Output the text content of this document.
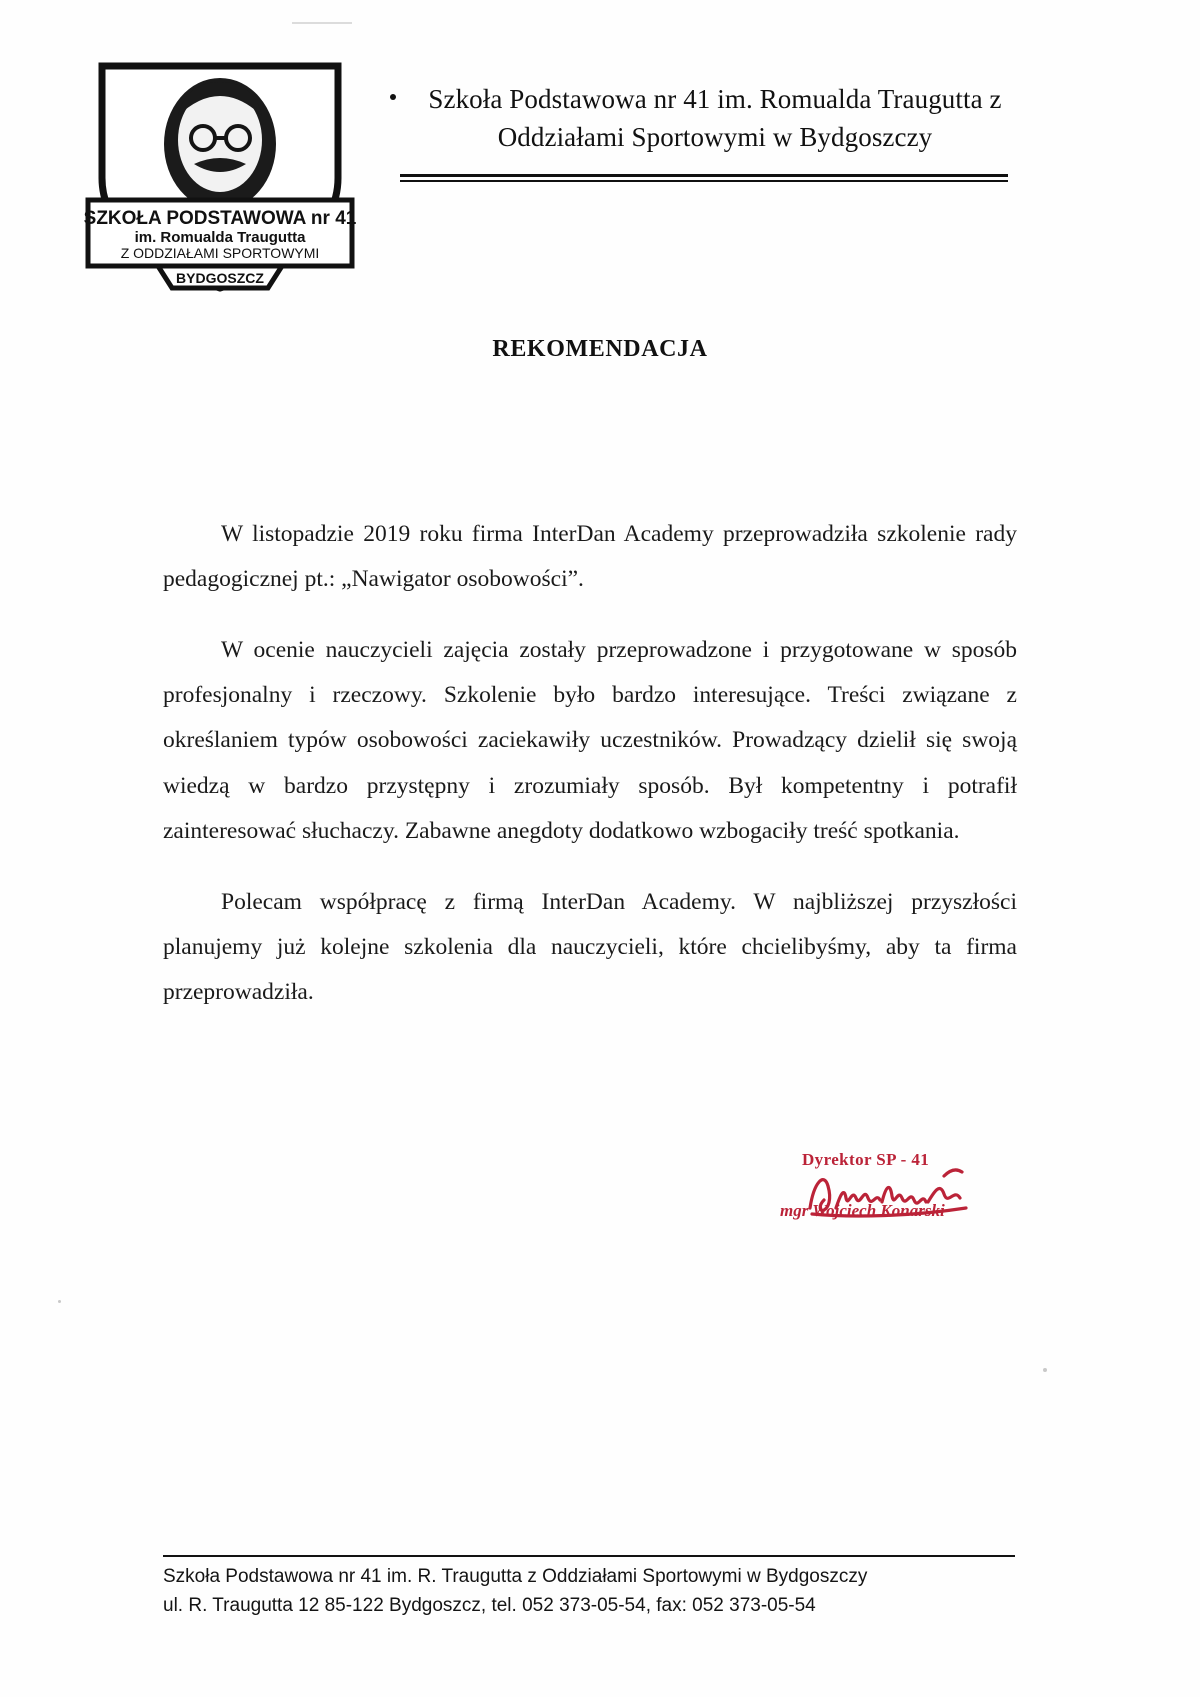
SZKOŁA PODSTAWOWA nr 41
im. Romualda Traugutta
Z ODDZIAŁAMI SPORTOWYMI
BYDGOSZCZ
Szkoła Podstawowa nr 41 im. Romualda Traugutta z Oddziałami Sportowymi w Bydgoszczy
REKOMENDACJA

W listopadzie 2019 roku firma InterDan Academy przeprowadziła szkolenie rady pedagogicznej pt.: „Nawigator osobowości”.

W ocenie nauczycieli zajęcia zostały przeprowadzone i przygotowane w sposób profesjonalny i rzeczowy. Szkolenie było bardzo interesujące. Treści związane z określaniem typów osobowości zaciekawiły uczestników. Prowadzący dzielił się swoją wiedzą w bardzo przystępny i zrozumiały sposób. Był kompetentny i potrafił zainteresować słuchaczy. Zabawne anegdoty dodatkowo wzbogaciły treść spotkania.

Polecam współpracę z firmą InterDan Academy. W najbliższej przyszłości planujemy już kolejne szkolenia dla nauczycieli, które chcielibyśmy, aby ta firma przeprowadziła.

Dyrektor SP - 41
mgr Wojciech Konarski
Szkoła Podstawowa nr 41 im. R. Traugutta z Oddziałami Sportowymi w Bydgoszczy
ul. R. Traugutta 12 85-122 Bydgoszcz, tel. 052 373-05-54, fax: 052 373-05-54
